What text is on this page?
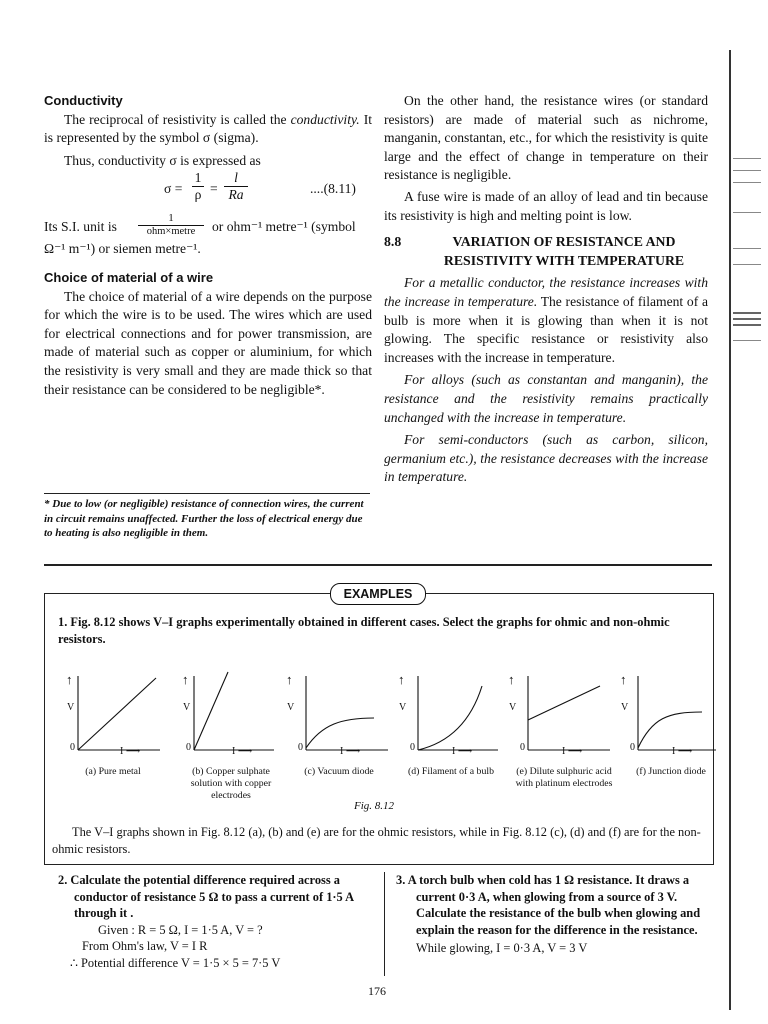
Conductivity

The reciprocal of resistivity is called the conductivity. It is represented by the symbol σ (sigma).

Thus, conductivity σ is expressed as

σ =
1
ρ =
l
Ra	....(8.11)
Its S.I. unit is
1
ohm×metre	or ohm⁻¹ metre⁻¹ (symbol

Ω⁻¹ m⁻¹) or siemen metre⁻¹.

Choice of material of a wire

The choice of material of a wire depends on the purpose for which the wire is to be used. The wires which are used for electrical connections and for power transmission, are made of material such as copper or aluminium, for which the resistivity is very small and they are made thick so that their resistance can be considered to be negligible*.

* Due to low (or negligible) resistance of connection wires, the current in circuit remains unaffected. Further the loss of electrical energy due to heating is also negligible in them.

On the other hand, the resistance wires (or standard resistors) are made of material such as nichrome, manganin, constantan, etc., for which the resistivity is quite large and the effect of change in temperature on their resistance is negligible.

A fuse wire is made of an alloy of lead and tin because its resistivity is high and melting point is low.

8.8	VARIATION OF RESISTANCE AND RESISTIVITY WITH TEMPERATURE

For a metallic conductor, the resistance increases with the increase in temperature. The resistance of filament of a bulb is more when it is glowing than when it is not glowing. The specific resistance or resistivity also increases with the increase in temperature.

For alloys (such as constantan and manganin), the resistance and the resistivity remains practically unchanged with the increase in temperature.

For semi-conductors (such as carbon, silicon, germanium etc.), the resistance decreases with the increase in temperature.

EXAMPLES

1. Fig. 8.12 shows V–I graphs experimentally obtained in different cases. Select the graphs for ohmic and non-ohmic resistors.

↑
V
↑
V
↑
V
↑
V
↑
V
↑
V
0	0	0	0	0	0
I ⟶	I ⟶	I ⟶	I ⟶	I ⟶	I ⟶
(a) Pure metal	(b) Copper sulphate solution with copper electrodes
(c) Vacuum diode	(d) Filament of a bulb	(e) Dilute sulphuric acid with platinum electrodes
(f) Junction diode
Fig. 8.12

The V–I graphs shown in Fig. 8.12 (a), (b) and (e) are for the ohmic resistors, while in Fig. 8.12 (c), (d) and (f) are for the non-ohmic resistors.

2. Calculate the potential difference required across a conductor of resistance 5 Ω to pass a current of 1·5 A through it .

Given : R = 5 Ω, I = 1·5 A, V = ?

From Ohm's law, V = I R

∴ Potential difference V = 1·5 × 5 = 7·5 V

3. A torch bulb when cold has 1 Ω resistance. It draws a current 0·3 A, when glowing from a source of 3 V. Calculate the resistance of the bulb when glowing and explain the reason for the difference in the resistance.

While glowing, I = 0·3 A, V = 3 V

176
